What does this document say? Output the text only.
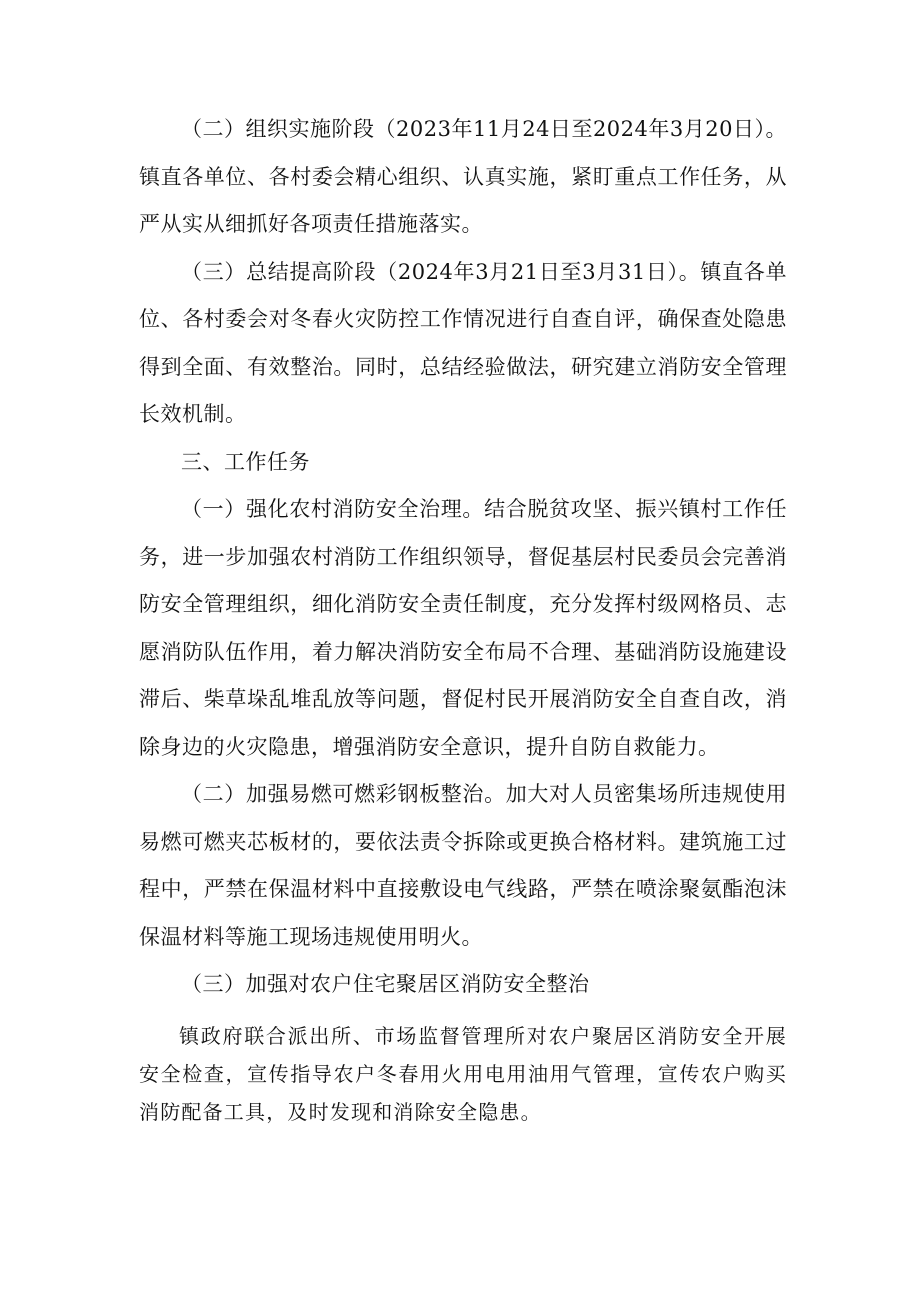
（二）组织实施阶段（2023年11月24日至2024年3月20日）。镇直各单位、各村委会精心组织、认真实施，紧盯重点工作任务，从严从实从细抓好各项责任措施落实。

（三）总结提高阶段（2024年3月21日至3月31日）。镇直各单位、各村委会对冬春火灾防控工作情况进行自查自评，确保查处隐患得到全面、有效整治。同时，总结经验做法，研究建立消防安全管理长效机制。

三、工作任务

（一）强化农村消防安全治理。结合脱贫攻坚、振兴镇村工作任务，进一步加强农村消防工作组织领导，督促基层村民委员会完善消防安全管理组织，细化消防安全责任制度，充分发挥村级网格员、志愿消防队伍作用，着力解决消防安全布局不合理、基础消防设施建设滞后、柴草垛乱堆乱放等问题，督促村民开展消防安全自查自改，消除身边的火灾隐患，增强消防安全意识，提升自防自救能力。

（二）加强易燃可燃彩钢板整治。加大对人员密集场所违规使用易燃可燃夹芯板材的，要依法责令拆除或更换合格材料。建筑施工过程中，严禁在保温材料中直接敷设电气线路，严禁在喷涂聚氨酯泡沫保温材料等施工现场违规使用明火。

（三）加强对农户住宅聚居区消防安全整治

镇政府联合派出所、市场监督管理所对农户聚居区消防安全开展安全检查，宣传指导农户冬春用火用电用油用气管理，宣传农户购买消防配备工具，及时发现和消除安全隐患。
